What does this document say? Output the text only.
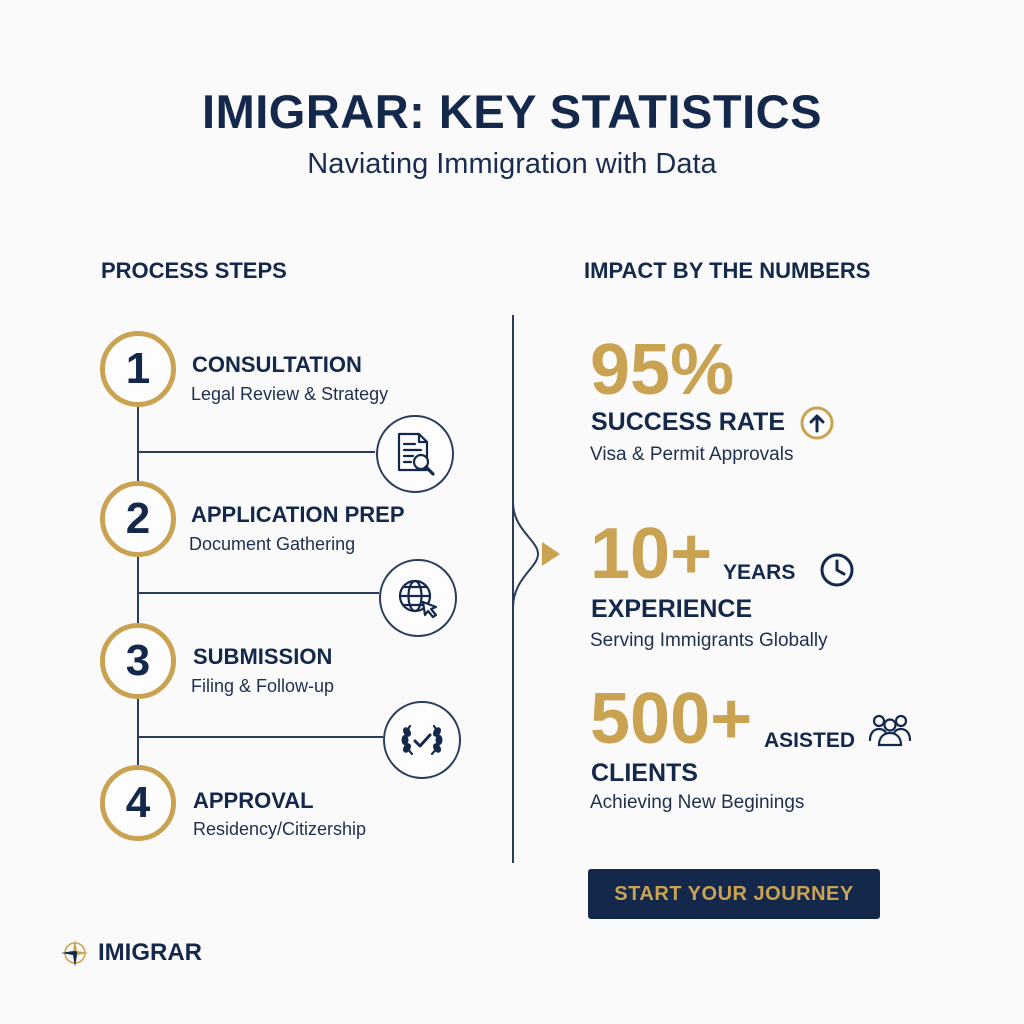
IMIGRAR: KEY STATISTICS
Naviating Immigration with Data
PROCESS STEPS	IMPACT BY THE NUMBERS
1	CONSULTATION
Legal Review & Strategy
2	APPLICATION PREP
Document Gathering
3	SUBMISSION
Filing & Follow-up
4	APPROVAL
Residency/Citizership
95%
SUCCESS RATE
Visa & Permit Approvals
10+ YEARS
EXPERIENCE
Serving Immigrants Globally
500+ ASISTED
CLIENTS
Achieving New Beginings
START YOUR JOURNEY
IMIGRAR
